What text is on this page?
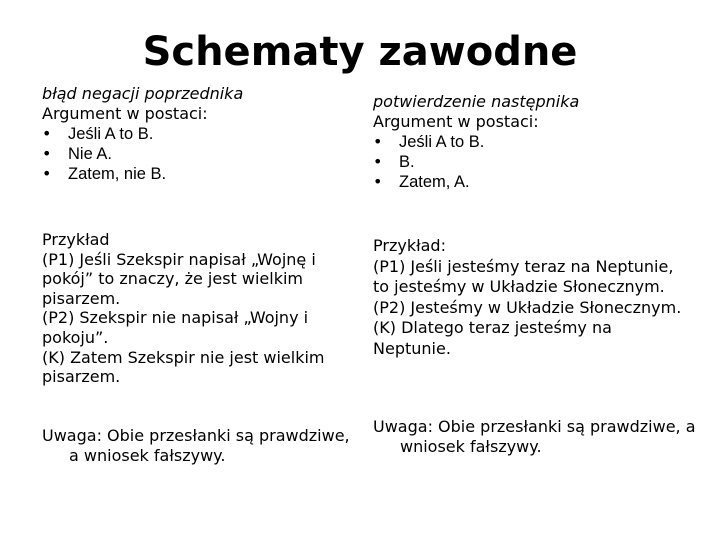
Schematy zawodne
błąd negacji poprzednika
Argument w postaci:
•	Jeśli A to B.
•	Nie A.
•	Zatem, nie B.
Przykład
(P1) Jeśli Szekspir napisał „Wojnę i
pokój” to znaczy, że jest wielkim
pisarzem.
(P2) Szekspir nie napisał „Wojny i
pokoju”.
(K) Zatem Szekspir nie jest wielkim
pisarzem.
Uwaga: Obie przesłanki są prawdziwe, a wniosek fałszywy.
potwierdzenie następnika
Argument w postaci:
•	Jeśli A to B.
•	B.
•	Zatem, A.
Przykład:
(P1) Jeśli jesteśmy teraz na Neptunie,
to jesteśmy w Układzie Słonecznym.
(P2) Jesteśmy w Układzie Słonecznym.
(K) Dlatego teraz jesteśmy na
Neptunie.
Uwaga: Obie przesłanki są prawdziwe, a wniosek fałszywy.
